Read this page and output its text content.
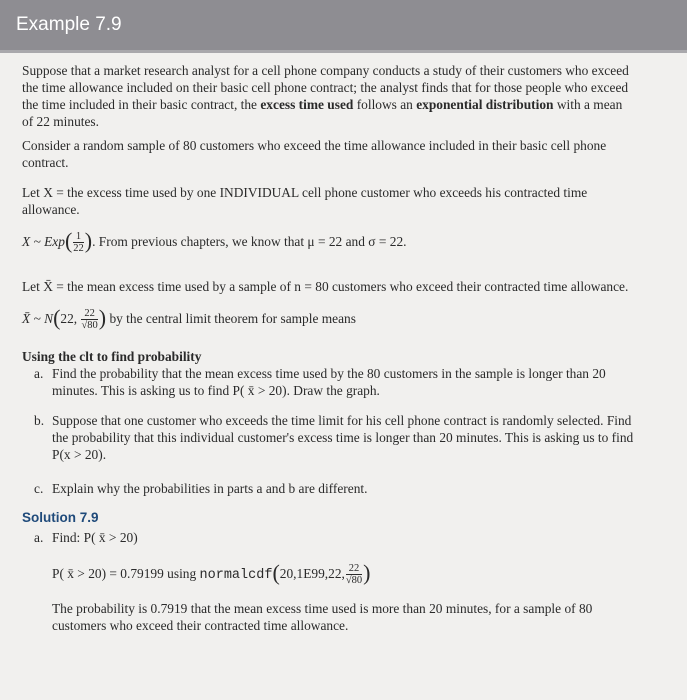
Example 7.9
Suppose that a market research analyst for a cell phone company conducts a study of their customers who exceed
the time allowance included on their basic cell phone contract; the analyst finds that for those people who exceed
the time included in their basic contract, the excess time used follows an exponential distribution with a mean
of 22 minutes.
Consider a random sample of 80 customers who exceed the time allowance included in their basic cell phone
contract.
Let X = the excess time used by one INDIVIDUAL cell phone customer who exceeds his contracted time
allowance.
X ~ $Exp( \frac{1}{22}$ ). From previous chapters, we know that μ = 22 and σ = 22.
Let X̄ = the mean excess time used by a sample of n = 80 customers who exceed their contracted time allowance.
X̄ ~ N(22, $\frac{22}{√80}$ ) by the central limit theorem for sample means
Using the clt to find probability
a. Find the probability that the mean excess time used by the 80 customers in the sample is longer than 20
minutes. This is asking us to find P( x̄ > 20). Draw the graph.
b. Suppose that one customer who exceeds the time limit for his cell phone contract is randomly selected. Find
the probability that this individual customer's excess time is longer than 20 minutes. This is asking us to find
P(x > 20).
c. Explain why the probabilities in parts a and b are different.
Solution 7.9
a. Find: P( x̄ > 20)
P( x̄ > 20) = 0.79199 using normalcdf(20,1E99,22, $\frac{22}{√80}$ )
The probability is 0.7919 that the mean excess time used is more than 20 minutes, for a sample of 80
customers who exceed their contracted time allowance.
